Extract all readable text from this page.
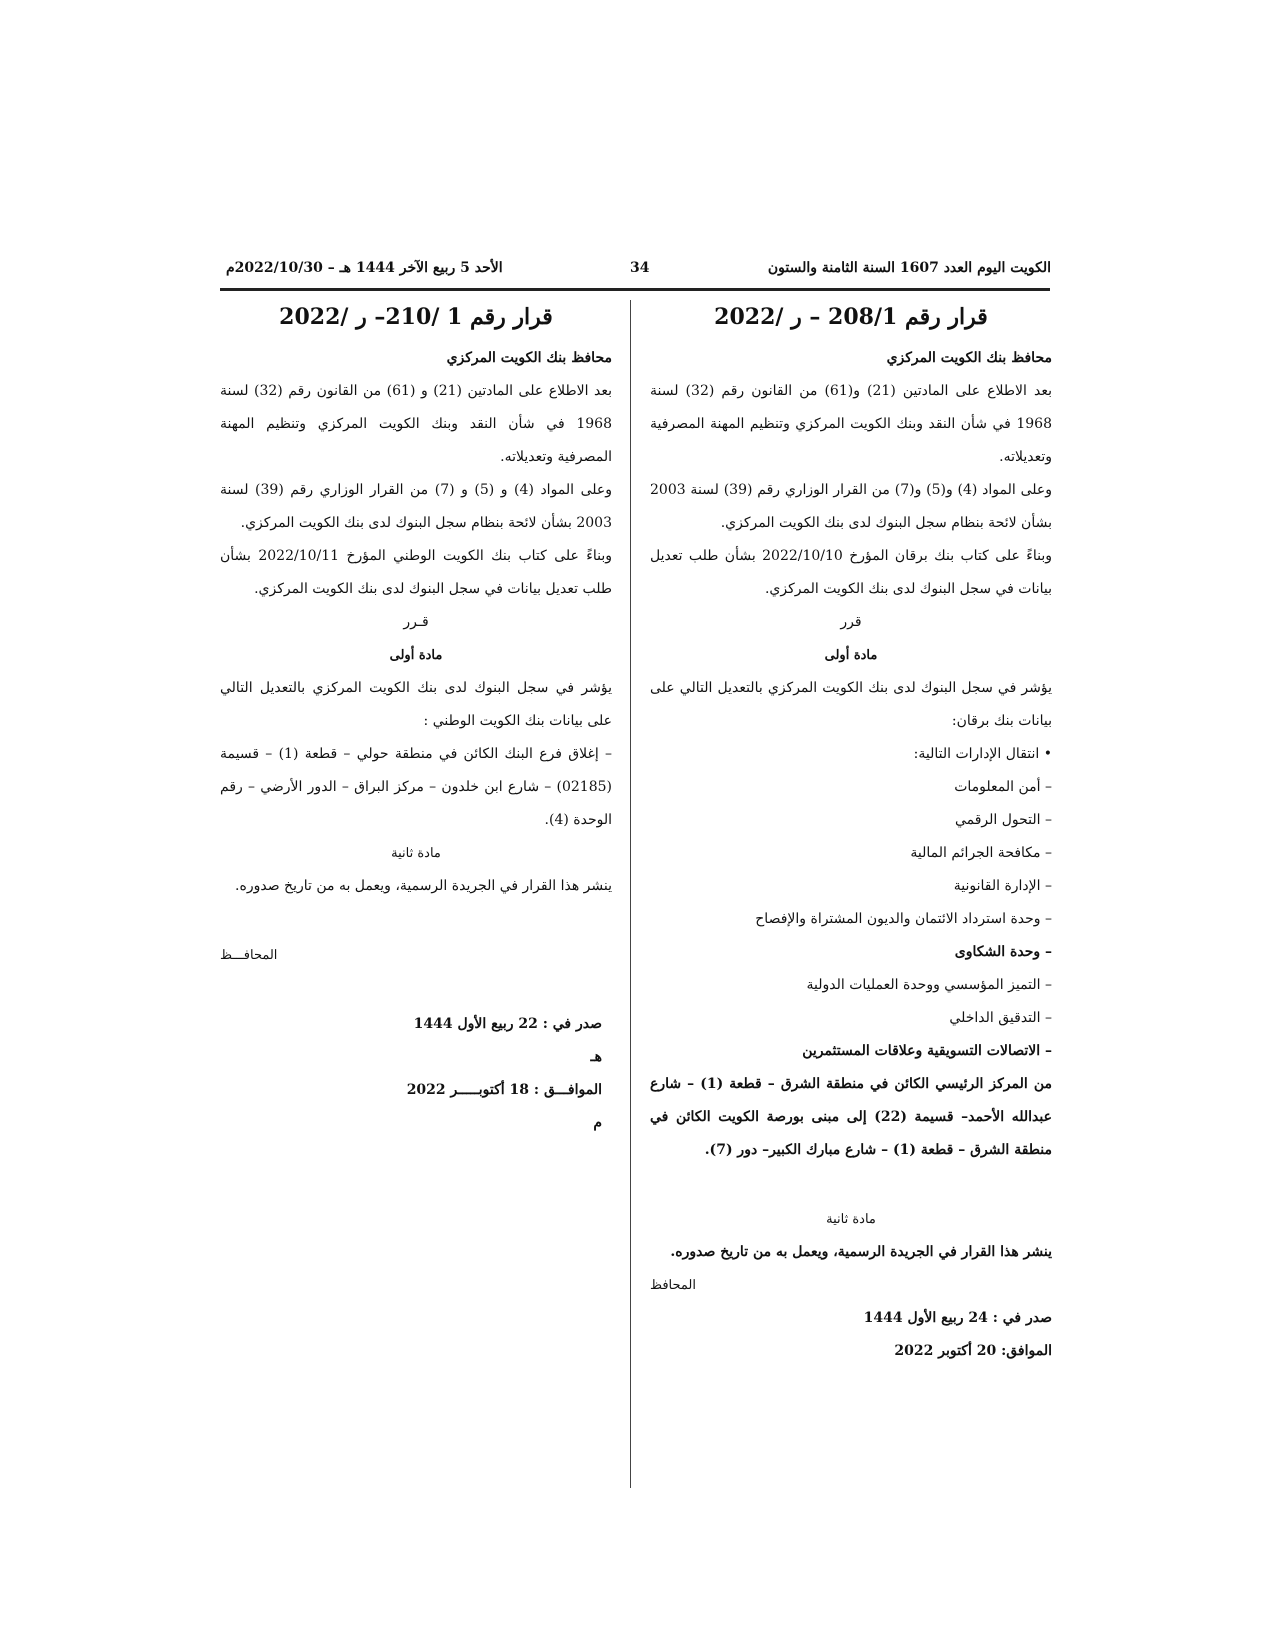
الكويت اليوم العدد 1607 السنة الثامنة والستون
34
الأحد 5 ربيع الآخر 1444 هـ – 2022/10/30م

قرار رقم 208/1 – ر /2022

محافظ بنك الكويت المركزي

بعد الاطلاع على المادتين (21) و(61) من القانون رقم (32) لسنة 1968 في شأن النقد وبنك الكويت المركزي وتنظيم المهنة المصرفية وتعديلاته.

وعلى المواد (4) و(5) و(7) من القرار الوزاري رقم (39) لسنة 2003 بشأن لائحة بنظام سجل البنوك لدى بنك الكويت المركزي.

وبناءً على كتاب بنك برقان المؤرخ 2022/10/10 بشأن طلب تعديل بيانات في سجل البنوك لدى بنك الكويت المركزي.

قرر

مادة أولى

يؤشر في سجل البنوك لدى بنك الكويت المركزي بالتعديل التالي على بيانات بنك برقان:

• انتقال الإدارات التالية:

– أمن المعلومات

– التحول الرقمي

– مكافحة الجرائم المالية

– الإدارة القانونية

– وحدة استرداد الائتمان والديون المشتراة والإفصاح

– وحدة الشكاوى

– التميز المؤسسي ووحدة العمليات الدولية

– التدقيق الداخلي

– الاتصالات التسويقية وعلاقات المستثمرين

من المركز الرئيسي الكائن في منطقة الشرق – قطعة (1) – شارع عبدالله الأحمد– قسيمة (22) إلى مبنى بورصة الكويت الكائن في منطقة الشرق – قطعة (1) – شارع مبارك الكبير– دور (7).

مادة ثانية

ينشر هذا القرار في الجريدة الرسمية، ويعمل به من تاريخ صدوره.

المحافظ

صدر في : 24 ربيع الأول 1444

الموافق: 20 أكتوبر 2022

قرار رقم 1 /210– ر /2022

محافظ بنك الكويت المركزي

بعد الاطلاع على المادتين (21) و (61) من القانون رقم (32) لسنة 1968 في شأن النقد وبنك الكويت المركزي وتنظيم المهنة المصرفية وتعديلاته.

وعلى المواد (4) و (5) و (7) من القرار الوزاري رقم (39) لسنة 2003 بشأن لائحة بنظام سجل البنوك لدى بنك الكويت المركزي.

وبناءً على كتاب بنك الكويت الوطني المؤرخ 2022/10/11 بشأن طلب تعديل بيانات في سجل البنوك لدى بنك الكويت المركزي.

قـرر

مادة أولى

يؤشر في سجل البنوك لدى بنك الكويت المركزي بالتعديل التالي على بيانات بنك الكويت الوطني :

– إغلاق فرع البنك الكائن في منطقة حولي – قطعة (1) – قسيمة (02185) – شارع ابن خلدون – مركز البراق – الدور الأرضي – رقم الوحدة (4).

مادة ثانية

ينشر هذا القرار في الجريدة الرسمية، ويعمل به من تاريخ صدوره.

المحافـــظ

صدر في : 22 ربيع الأول 1444 هـ

الموافـــق : 18 أكتوبـــــر 2022 م
